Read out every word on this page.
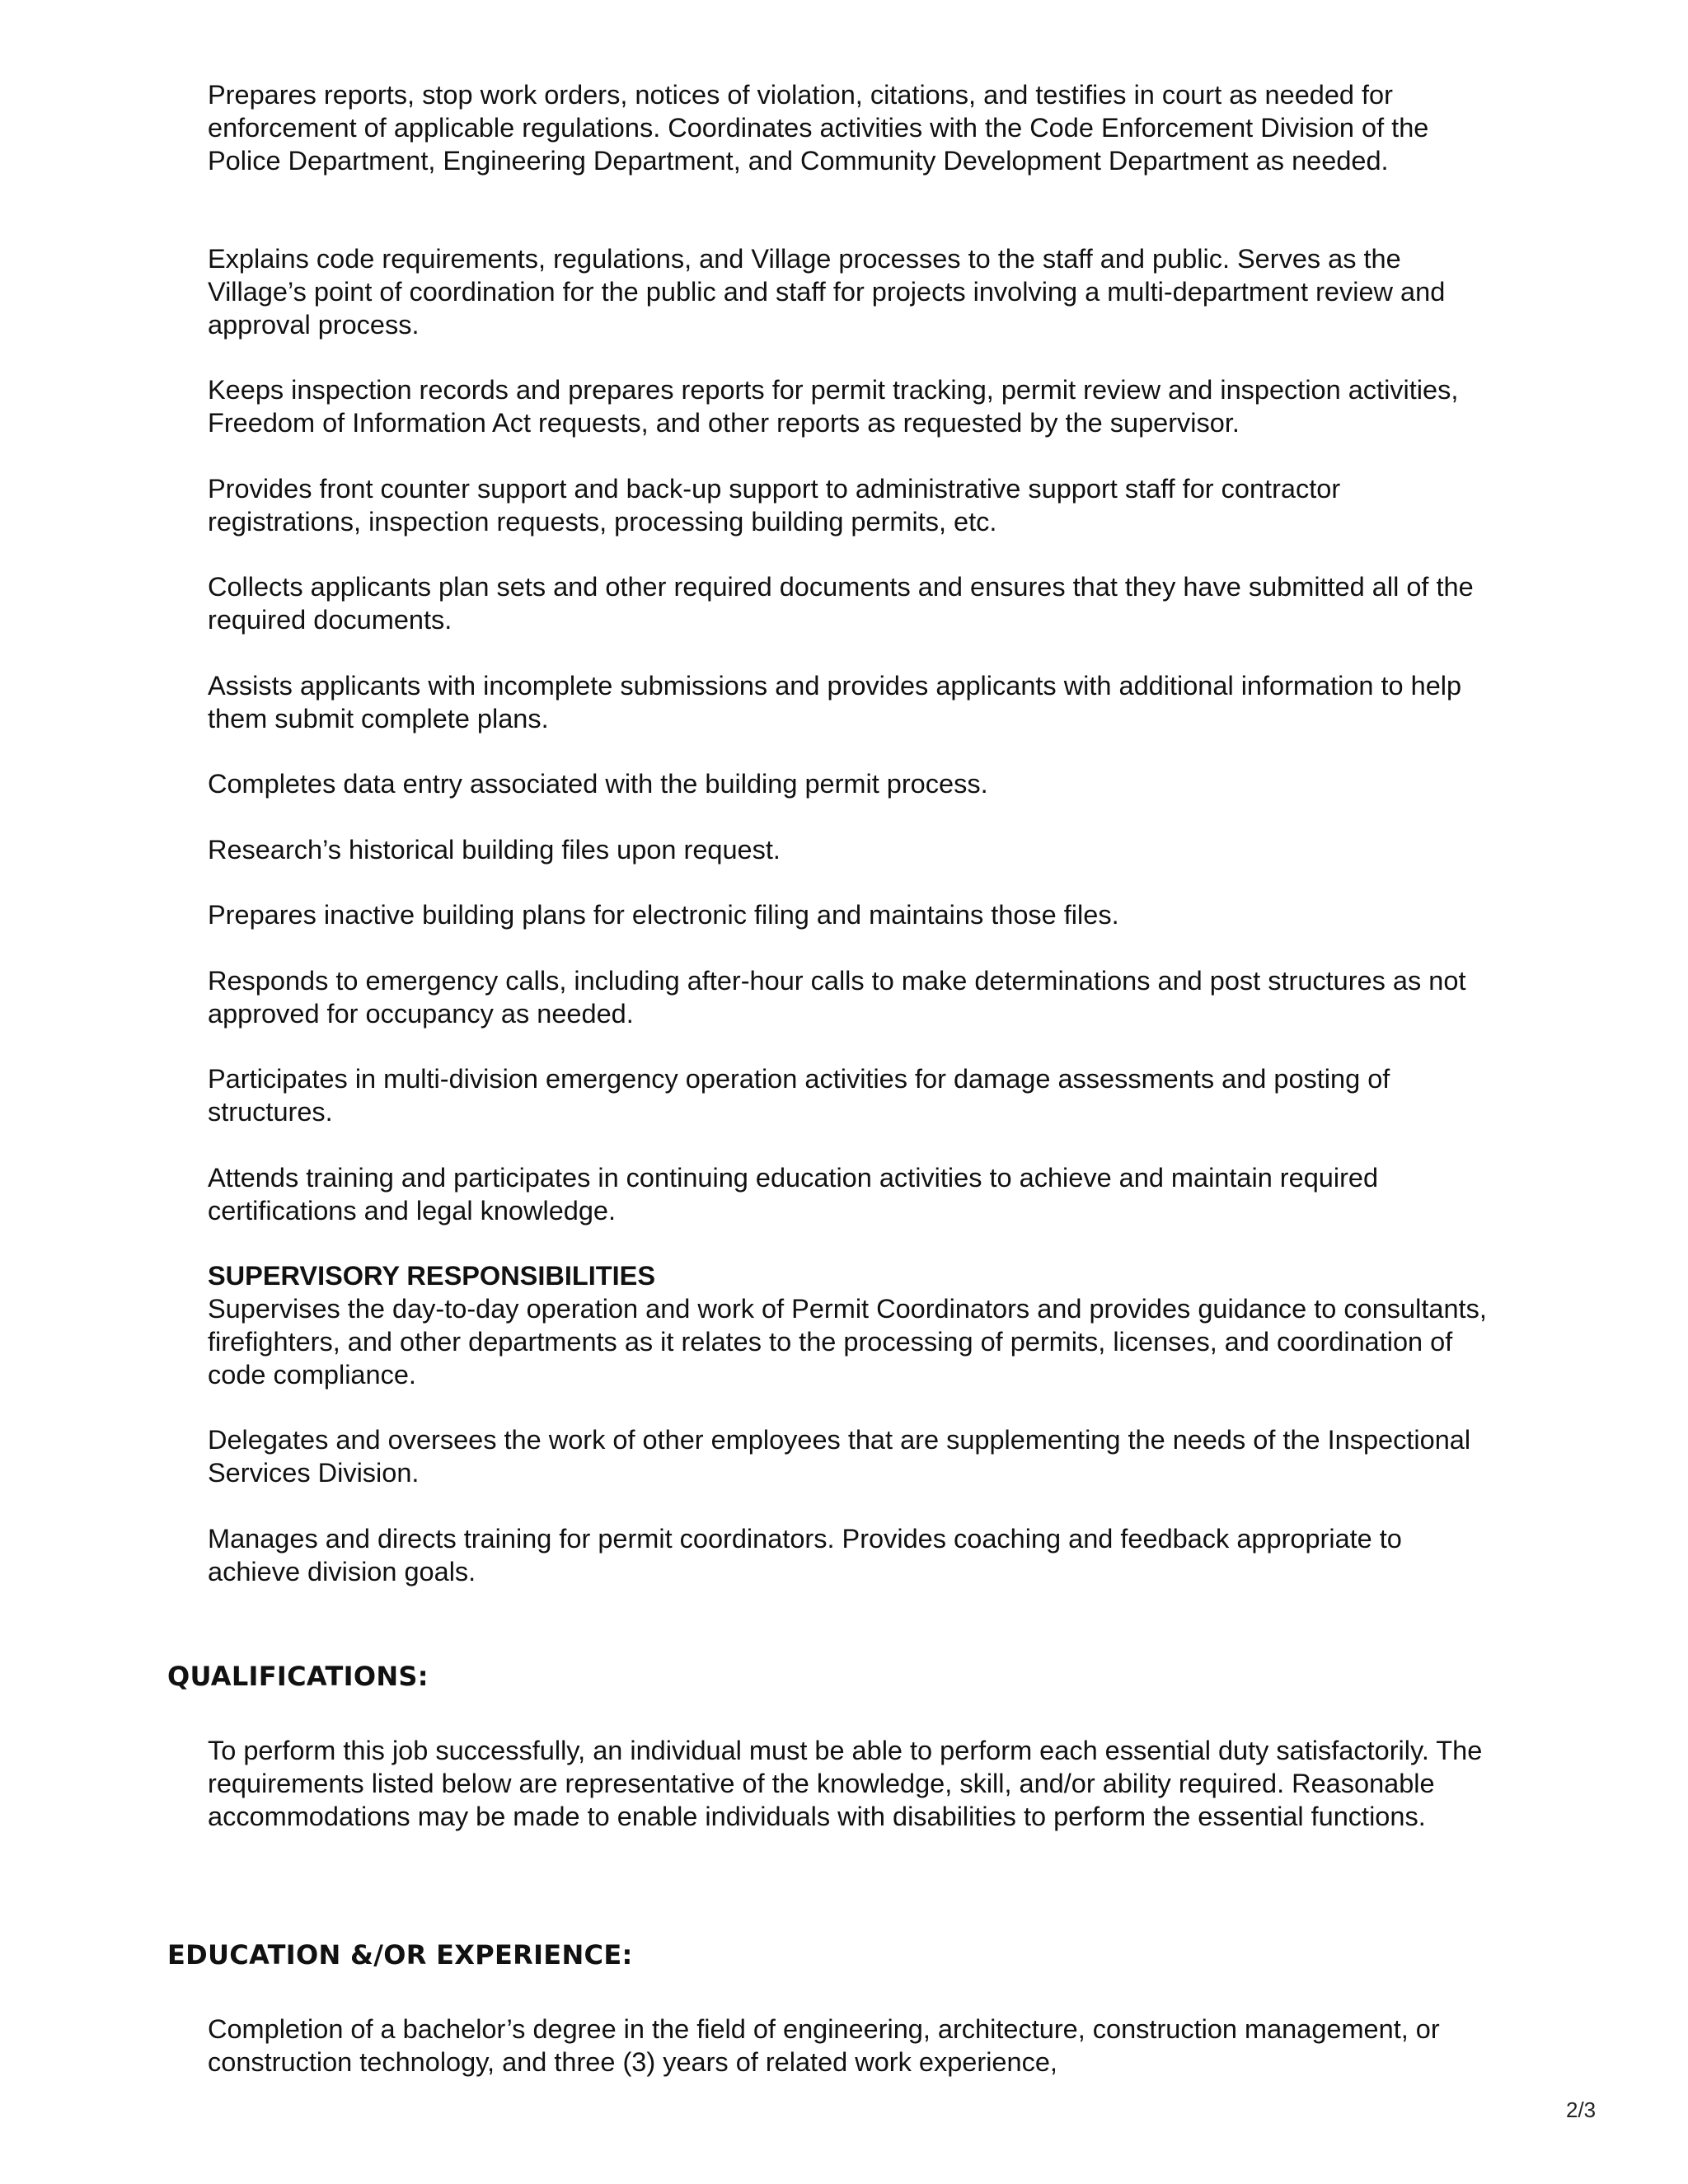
Prepares reports, stop work orders, notices of violation, citations, and testifies in court as needed for enforcement of applicable regulations. Coordinates activities with the Code Enforcement Division of the Police Department, Engineering Department, and Community Development Department as needed.

Explains code requirements, regulations, and Village processes to the staff and public. Serves as the Village’s point of coordination for the public and staff for projects involving a multi-department review and approval process.

Keeps inspection records and prepares reports for permit tracking, permit review and inspection activities, Freedom of Information Act requests, and other reports as requested by the supervisor.

Provides front counter support and back-up support to administrative support staff for contractor registrations, inspection requests, processing building permits, etc.

Collects applicants plan sets and other required documents and ensures that they have submitted all of the required documents.

Assists applicants with incomplete submissions and provides applicants with additional information to help them submit complete plans.

Completes data entry associated with the building permit process.

Research’s historical building files upon request.

Prepares inactive building plans for electronic filing and maintains those files.

Responds to emergency calls, including after-hour calls to make determinations and post structures as not approved for occupancy as needed.

Participates in multi-division emergency operation activities for damage assessments and posting of structures.

Attends training and participates in continuing education activities to achieve and maintain required certifications and legal knowledge.

SUPERVISORY RESPONSIBILITIES

Supervises the day-to-day operation and work of Permit Coordinators and provides guidance to consultants, firefighters, and other departments as it relates to the processing of permits, licenses, and coordination of code compliance.

Delegates and oversees the work of other employees that are supplementing the needs of the Inspectional Services Division.

Manages and directs training for permit coordinators. Provides coaching and feedback appropriate to achieve division goals.

QUALIFICATIONS:

To perform this job successfully, an individual must be able to perform each essential duty satisfactorily. The requirements listed below are representative of the knowledge, skill, and/or ability required. Reasonable accommodations may be made to enable individuals with disabilities to perform the essential functions.

EDUCATION &/OR EXPERIENCE:

Completion of a bachelor’s degree in the field of engineering, architecture, construction management, or construction technology, and three (3) years of related work experience,

2/3
